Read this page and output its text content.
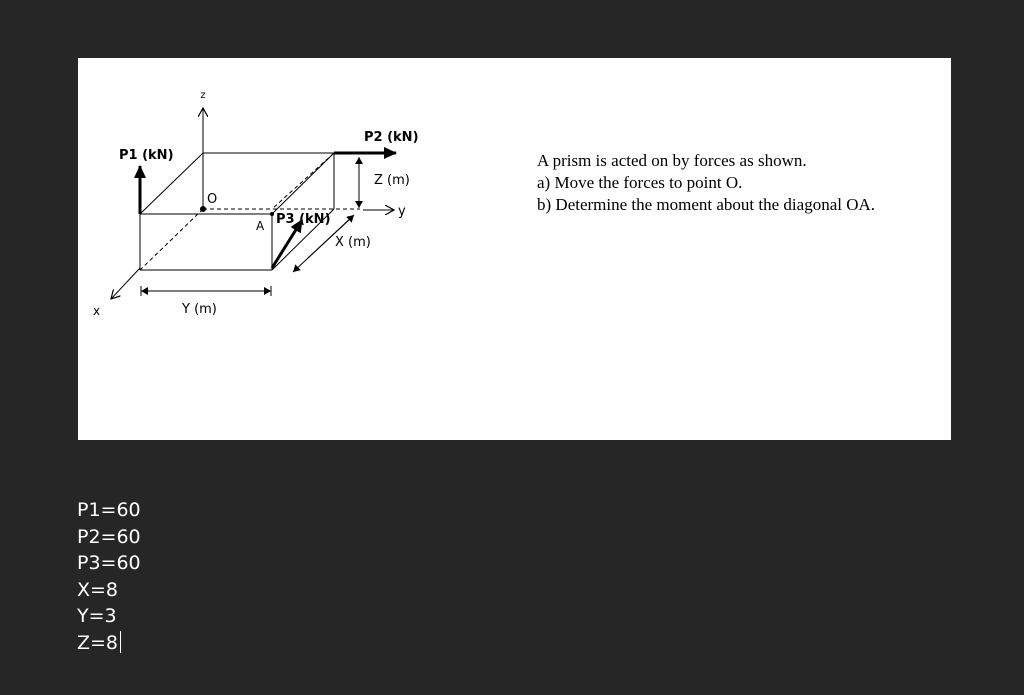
z
y
x
O
A
P1 (kN)
P2 (kN)
P3 (kN)
Z (m)
X (m)
Y (m)
A prism is acted on by forces as shown.
a) Move the forces to point O.
b) Determine the moment about the diagonal OA.
P1=60
P2=60
P3=60
X=8
Y=3
Z=8
